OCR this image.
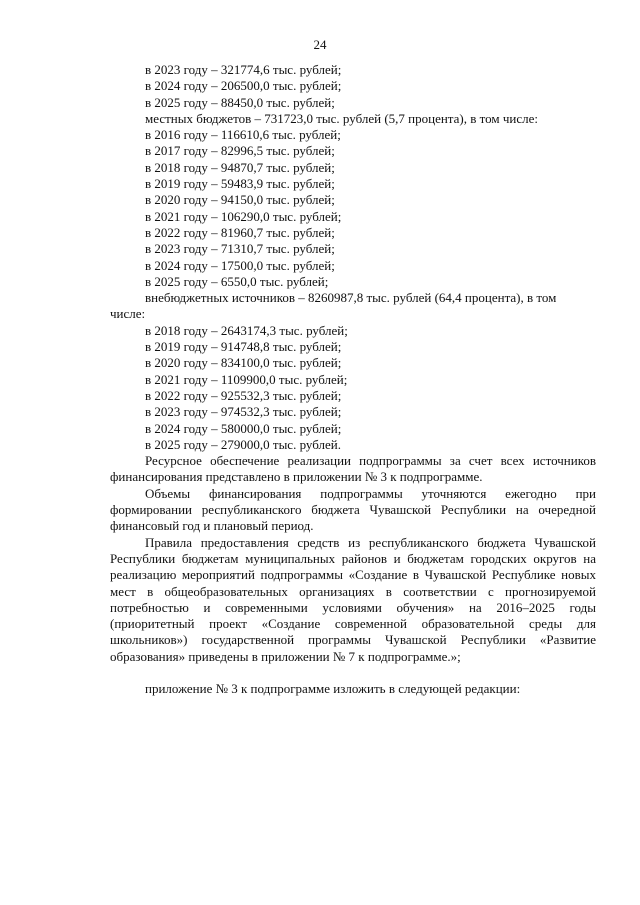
24
в 2023 году – 321774,6 тыс. рублей;
в 2024 году – 206500,0 тыс. рублей;
в 2025 году – 88450,0 тыс. рублей;
местных бюджетов – 731723,0 тыс. рублей (5,7 процента), в том числе:
в 2016 году – 116610,6 тыс. рублей;
в 2017 году – 82996,5 тыс. рублей;
в 2018 году – 94870,7 тыс. рублей;
в 2019 году – 59483,9 тыс. рублей;
в 2020 году – 94150,0 тыс. рублей;
в 2021 году – 106290,0 тыс. рублей;
в 2022 году – 81960,7 тыс. рублей;
в 2023 году – 71310,7 тыс. рублей;
в 2024 году – 17500,0 тыс. рублей;
в 2025 году – 6550,0 тыс. рублей;
внебюджетных источников – 8260987,8 тыс. рублей (64,4 процента), в том
числе:
в 2018 году – 2643174,3 тыс. рублей;
в 2019 году – 914748,8 тыс. рублей;
в 2020 году – 834100,0 тыс. рублей;
в 2021 году – 1109900,0 тыс. рублей;
в 2022 году – 925532,3 тыс. рублей;
в 2023 году – 974532,3 тыс. рублей;
в 2024 году – 580000,0 тыс. рублей;
в 2025 году – 279000,0 тыс. рублей.

Ресурсное обеспечение реализации подпрограммы за счет всех источников финансирования представлено в приложении № 3 к подпрограмме.

Объемы финансирования подпрограммы уточняются ежегодно при формировании республиканского бюджета Чувашской Республики на очередной финансовый год и плановый период.

Правила предоставления средств из республиканского бюджета Чувашской Республики бюджетам муниципальных районов и бюджетам городских округов на реализацию мероприятий подпрограммы «Создание в Чувашской Республике новых мест в общеобразовательных организациях в соответствии с прогнозируемой потребностью и современными условиями обучения» на 2016–2025 годы (приоритетный проект «Создание современной образовательной среды для школьников») государственной программы Чувашской Республики «Развитие образования» приведены в приложении № 7 к подпрограмме.»;

приложение № 3 к подпрограмме изложить в следующей редакции:
